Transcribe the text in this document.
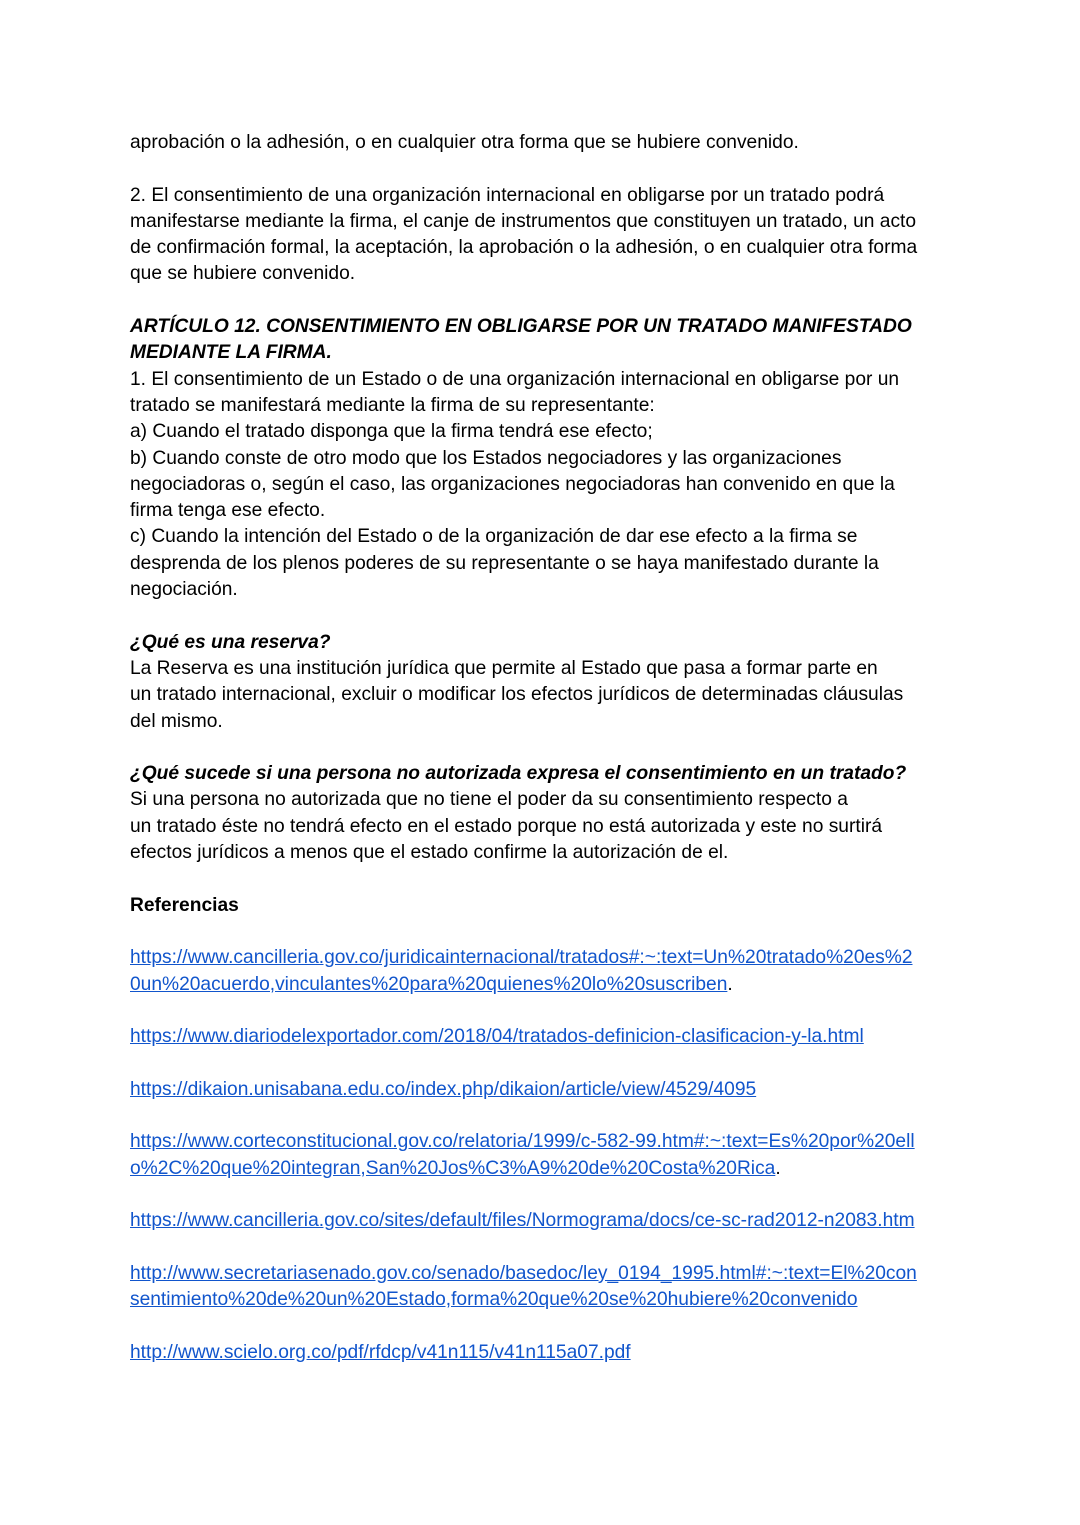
aprobación o la adhesión, o en cualquier otra forma que se hubiere convenido.
2. El consentimiento de una organización internacional en obligarse por un tratado podrá
manifestarse mediante la firma, el canje de instrumentos que constituyen un tratado, un acto
de confirmación formal, la aceptación, la aprobación o la adhesión, o en cualquier otra forma
que se hubiere convenido.
ARTÍCULO 12. CONSENTIMIENTO EN OBLIGARSE POR UN TRATADO MANIFESTADO
MEDIANTE LA FIRMA.
1. El consentimiento de un Estado o de una organización internacional en obligarse por un
tratado se manifestará mediante la firma de su representante:
a) Cuando el tratado disponga que la firma tendrá ese efecto;
b) Cuando conste de otro modo que los Estados negociadores y las organizaciones
negociadoras o, según el caso, las organizaciones negociadoras han convenido en que la
firma tenga ese efecto.
c) Cuando la intención del Estado o de la organización de dar ese efecto a la firma se
desprenda de los plenos poderes de su representante o se haya manifestado durante la
negociación.
¿Qué es una reserva?
La Reserva es una institución jurídica que permite al Estado que pasa a formar parte en
un tratado internacional, excluir o modificar los efectos jurídicos de determinadas cláusulas
del mismo.
¿Qué sucede si una persona no autorizada expresa el consentimiento en un tratado?
Si una persona no autorizada que no tiene el poder da su consentimiento respecto a
un tratado éste no tendrá efecto en el estado porque no está autorizada y este no surtirá
efectos jurídicos a menos que el estado confirme la autorización de el.
Referencias
https://www.cancilleria.gov.co/juridicainternacional/tratados#:~:text=Un%20tratado%20es%2
0un%20acuerdo,vinculantes%20para%20quienes%20lo%20suscriben.
https://www.diariodelexportador.com/2018/04/tratados-definicion-clasificacion-y-la.html
https://dikaion.unisabana.edu.co/index.php/dikaion/article/view/4529/4095
https://www.corteconstitucional.gov.co/relatoria/1999/c-582-99.htm#:~:text=Es%20por%20ell
o%2C%20que%20integran,San%20Jos%C3%A9%20de%20Costa%20Rica.
https://www.cancilleria.gov.co/sites/default/files/Normograma/docs/ce-sc-rad2012-n2083.htm
http://www.secretariasenado.gov.co/senado/basedoc/ley_0194_1995.html#:~:text=El%20con
sentimiento%20de%20un%20Estado,forma%20que%20se%20hubiere%20convenido
http://www.scielo.org.co/pdf/rfdcp/v41n115/v41n115a07.pdf
